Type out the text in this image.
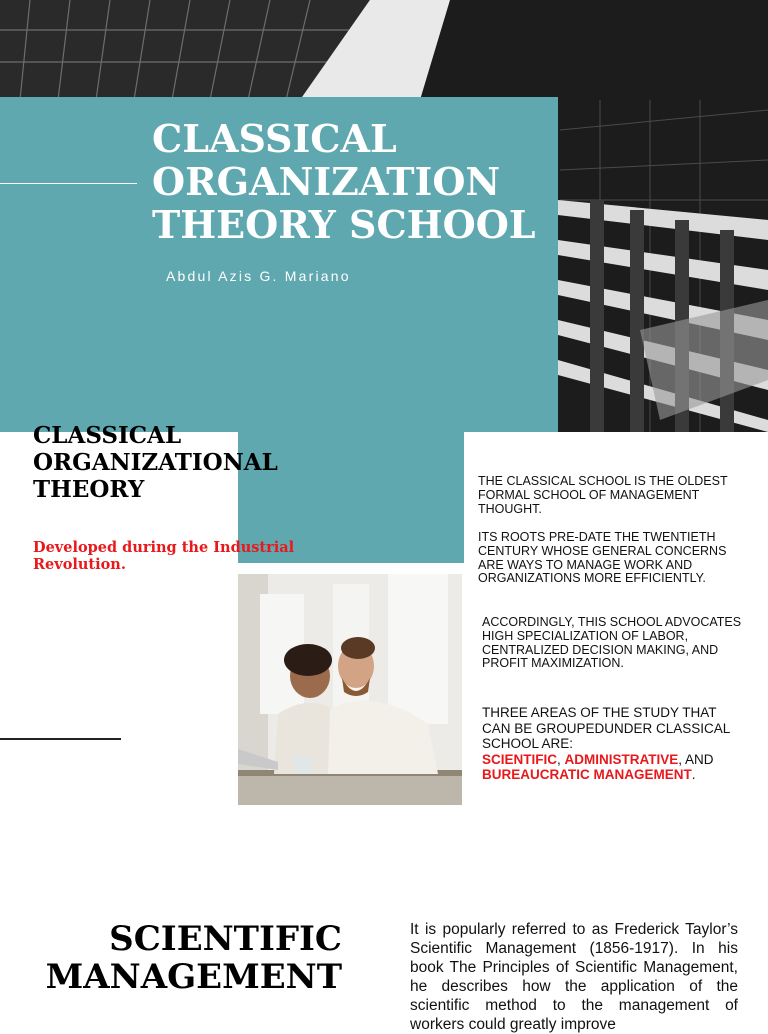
CLASSICAL
ORGANIZATION
THEORY SCHOOL
Abdul Azis G. Mariano
CLASSICAL
ORGANIZATIONAL
THEORY
Developed during the Industrial Revolution.

THE CLASSICAL SCHOOL IS THE OLDEST FORMAL SCHOOL OF MANAGEMENT THOUGHT.

ITS ROOTS PRE-DATE THE TWENTIETH CENTURY WHOSE GENERAL CONCERNS ARE WAYS TO MANAGE WORK AND ORGANIZATIONS MORE EFFICIENTLY.

ACCORDINGLY, THIS SCHOOL ADVOCATES HIGH SPECIALIZATION OF LABOR, CENTRALIZED DECISION MAKING, AND PROFIT MAXIMIZATION.

THREE AREAS OF THE STUDY THAT CAN BE GROUPEDUNDER CLASSICAL SCHOOL ARE:
SCIENTIFIC, ADMINISTRATIVE, AND
BUREAUCRATIC MANAGEMENT.

SCIENTIFIC
MANAGEMENT

It is popularly referred to as Frederick Taylor’s Scientific Management (1856-1917). In his book The Principles of Scientific Management, he describes how the application of the scientific method to the management of workers could greatly improve
